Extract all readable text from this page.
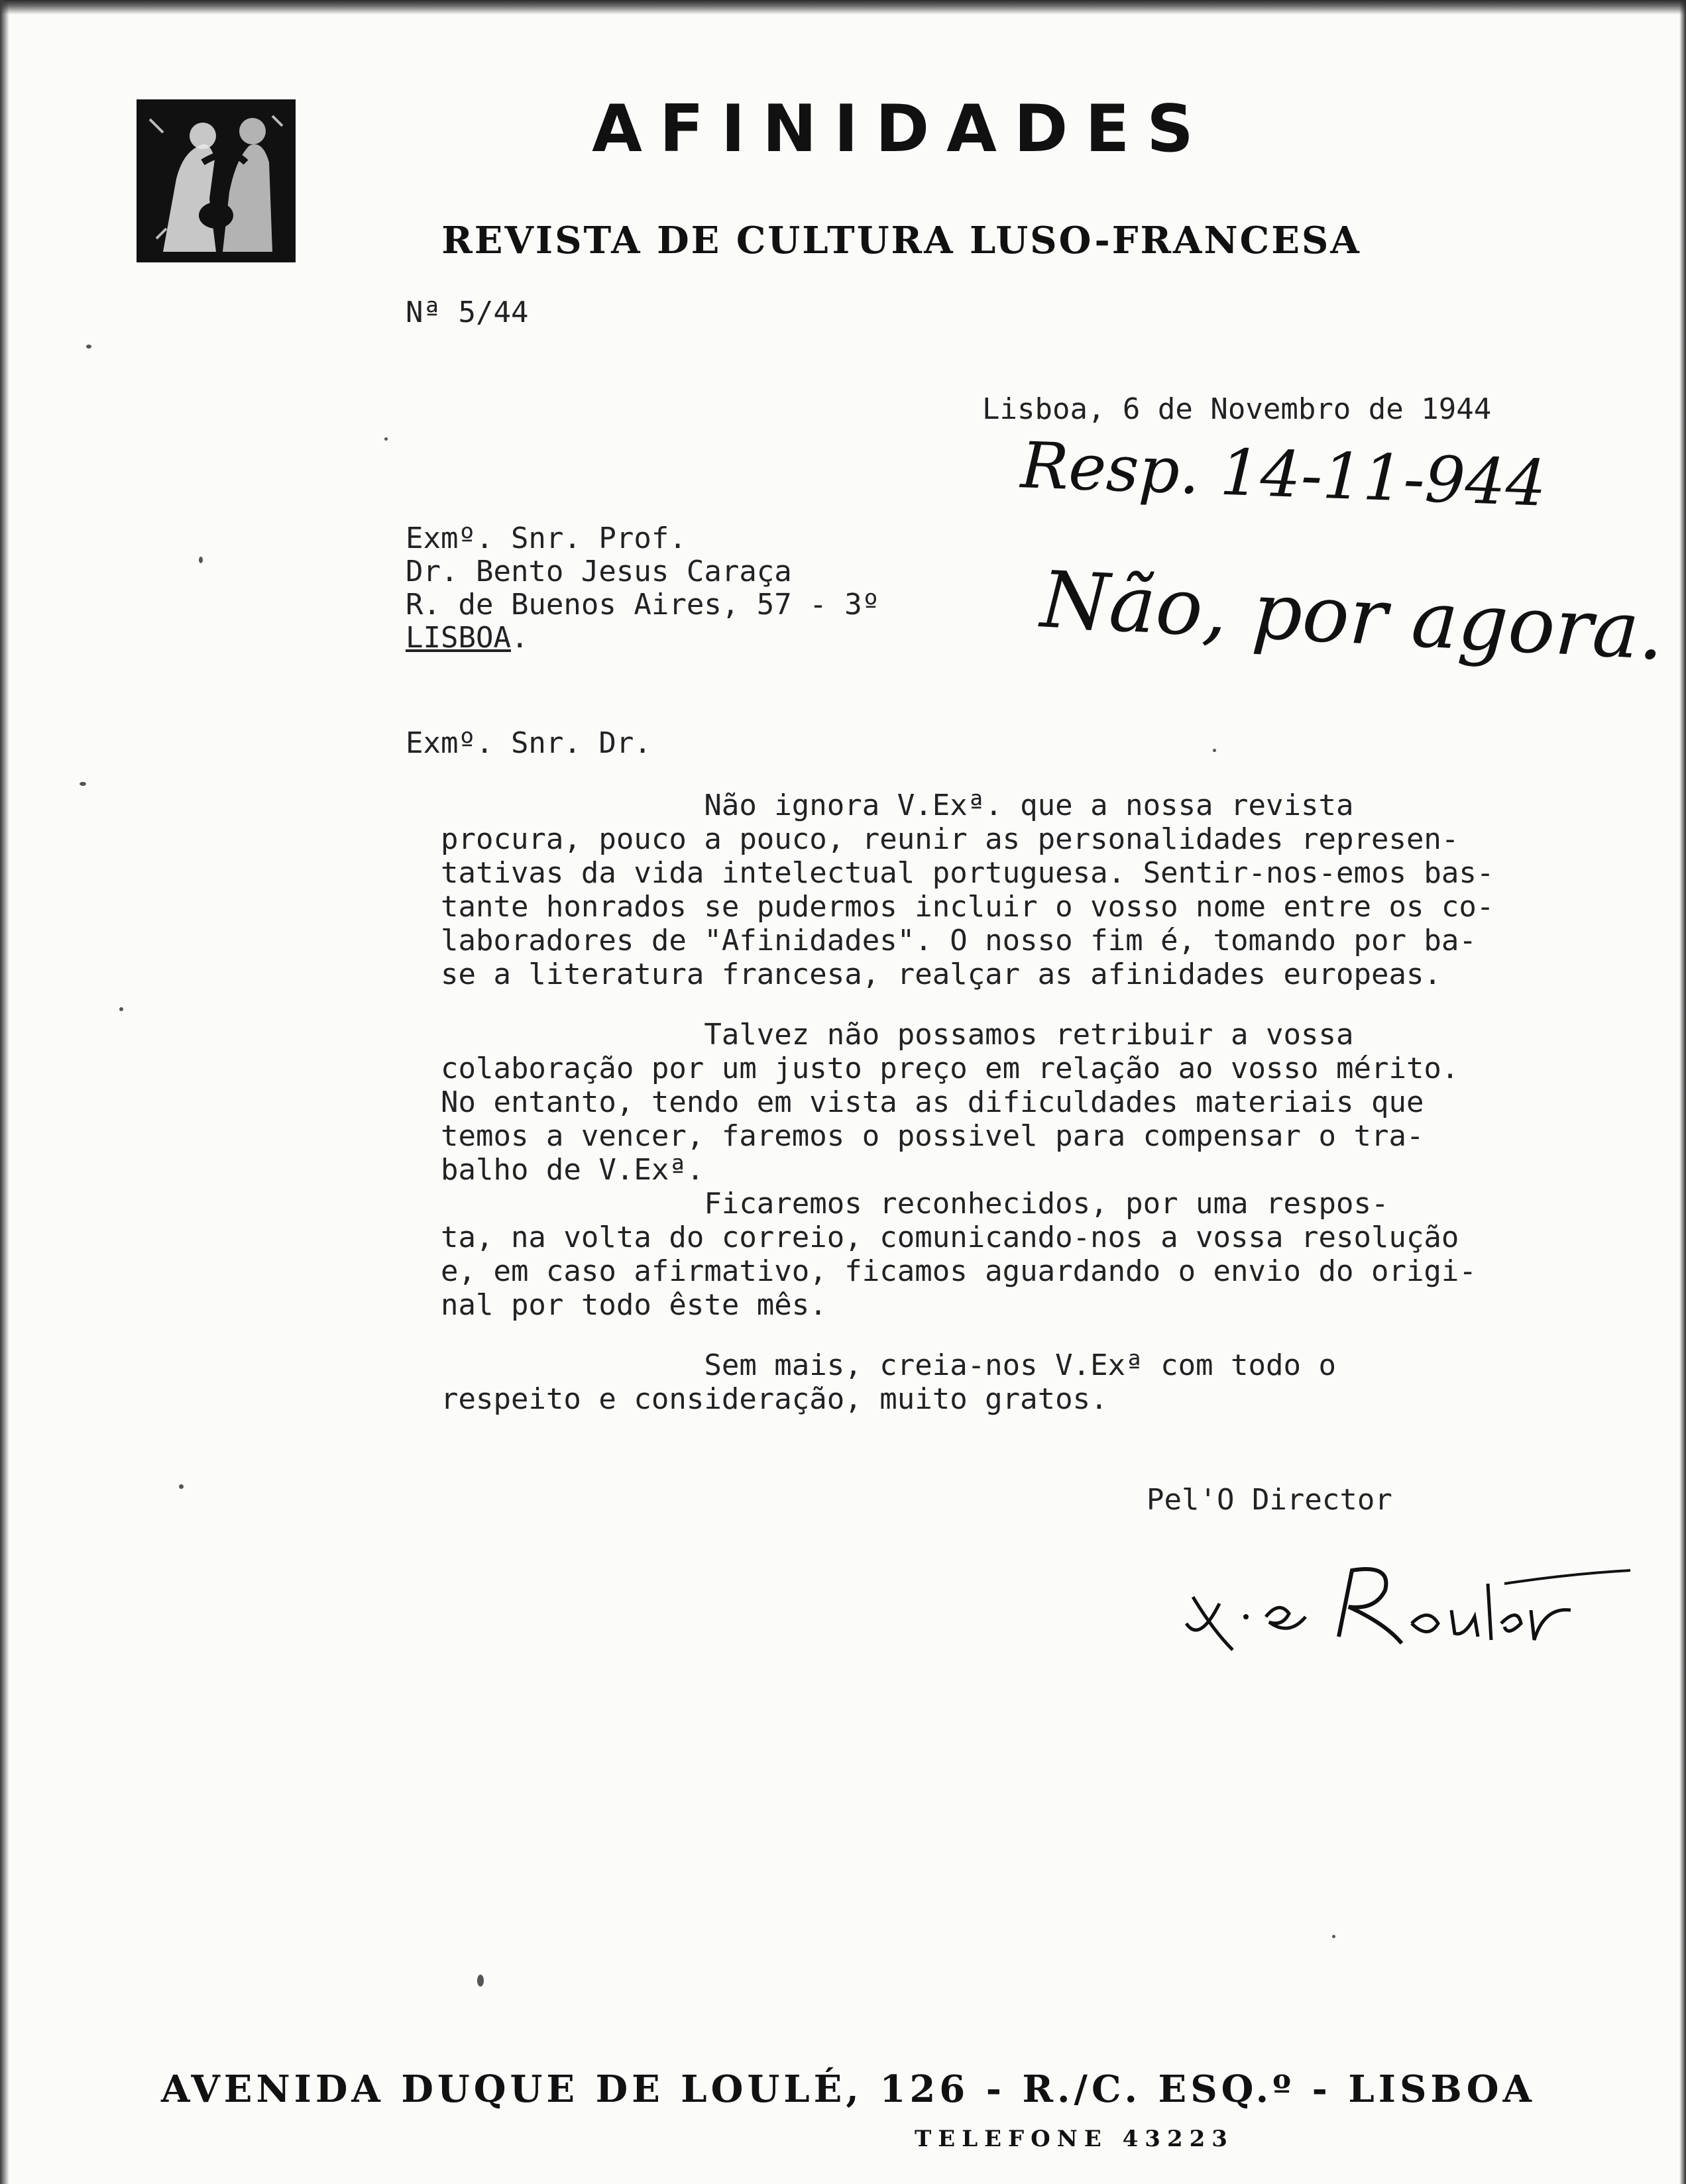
AFINIDADES
REVISTA DE CULTURA LUSO-FRANCESA
Nª 5/44
Lisboa, 6 de Novembro de 1944
Resp. 14-11-944
Não, por agora.
Exmº. Snr. Prof.
Dr. Bento Jesus Caraça
R. de Buenos Aires, 57 - 3º
LISBOA.
Exmº. Snr. Dr.
Não ignora V.Exª. que a nossa revista
procura, pouco a pouco, reunir as personalidades represen-
tativas da vida intelectual portuguesa. Sentir-nos-emos bas-
tante honrados se pudermos incluir o vosso nome entre os co-
laboradores de "Afinidades". O nosso fim é, tomando por ba-
se a literatura francesa, realçar as afinidades europeas.
Talvez não possamos retribuir a vossa
colaboração por um justo preço em relação ao vosso mérito.
No entanto, tendo em vista as dificuldades materiais que
temos a vencer, faremos o possivel para compensar o tra-
balho de V.Exª.
Ficaremos reconhecidos, por uma respos-
ta, na volta do correio, comunicando-nos a vossa resolução
e, em caso afirmativo, ficamos aguardando o envio do origi-
nal por todo êste mês.
Sem mais, creia-nos V.Exª com todo o
respeito e consideração, muito gratos.
Pel'O Director
AVENIDA DUQUE DE LOULÉ, 126 - R./C. ESQ.º - LISBOA
TELEFONE 43223
